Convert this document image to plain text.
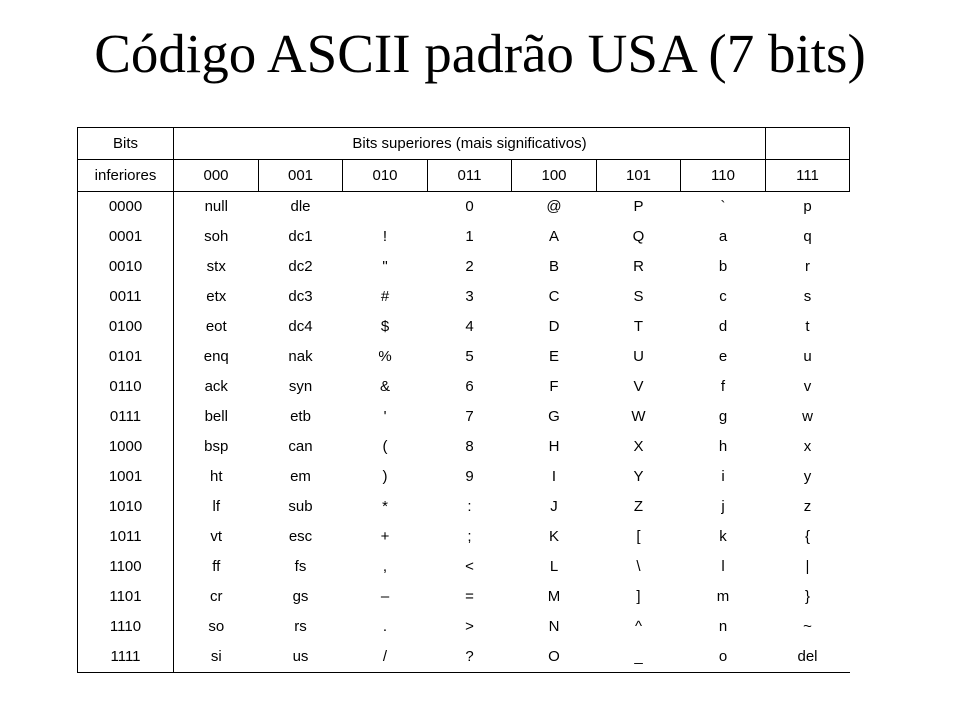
Código ASCII padrão USA (7 bits)
Bits	Bits superiores (mais significativos)							
inferiores	000	001	010	011	100	101	110	111
0000	null	dle		0	@	P	`	p
0001	soh	dc1	!	1	A	Q	a	q
0010	stx	dc2	"	2	B	R	b	r
0011	etx	dc3	#	3	C	S	c	s
0100	eot	dc4	$	4	D	T	d	t
0101	enq	nak	%	5	E	U	e	u
0110	ack	syn	&	6	F	V	f	v
0111	bell	etb	'	7	G	W	g	w
1000	bsp	can	(	8	H	X	h	x
1001	ht	em	)	9	I	Y	i	y
1010	lf	sub	*	:	J	Z	j	z
1011	vt	esc	+	;	K	[	k	{
1100	ff	fs	,	<	L	\	l	|
1101	cr	gs	–	=	M	]	m	}
1110	so	rs	.	>	N	^	n	~
1111	si	us	/	?	O	_	o	del
